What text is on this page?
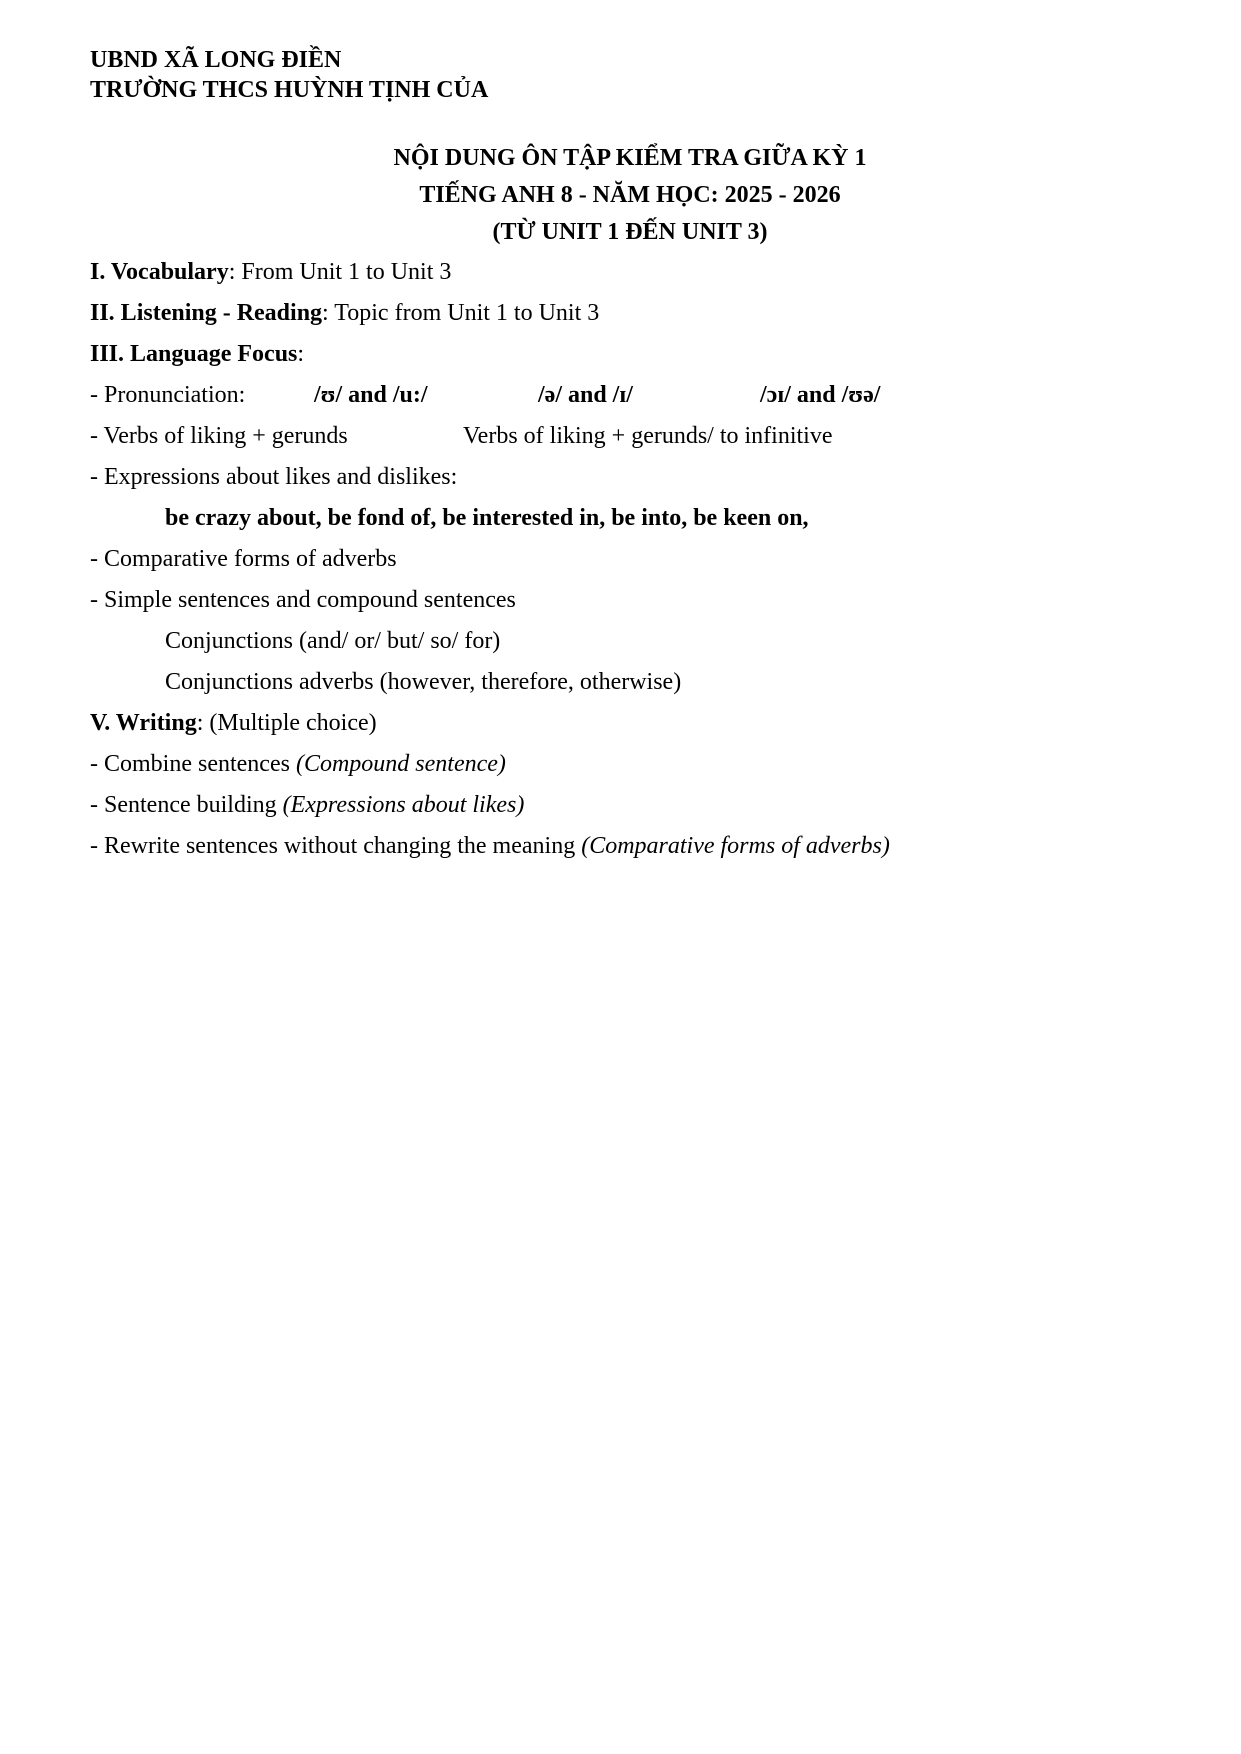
UBND XÃ LONG ĐIỀN
TRƯỜNG THCS HUỲNH TỊNH CỦA
NỘI DUNG ÔN TẬP KIỂM TRA GIỮA KỲ 1
TIẾNG ANH 8 - NĂM HỌC: 2025 - 2026
(TỪ UNIT 1 ĐẾN UNIT 3)
I. Vocabulary: From Unit 1 to Unit 3
II. Listening - Reading: Topic from Unit 1 to Unit 3
III. Language Focus:
- Pronunciation:	/ʊ/ and /u:/	/ə/ and /ɪ/	/ɔɪ/ and /ʊə/
- Verbs of liking + gerunds	Verbs of liking + gerunds/ to infinitive
- Expressions about likes and dislikes:
be crazy about, be fond of, be interested in, be into, be keen on,
- Comparative forms of adverbs
- Simple sentences and compound sentences
Conjunctions (and/ or/ but/ so/ for)
Conjunctions adverbs (however, therefore, otherwise)
V. Writing: (Multiple choice)
- Combine sentences (Compound sentence)
- Sentence building (Expressions about likes)
- Rewrite sentences without changing the meaning (Comparative forms of adverbs)
